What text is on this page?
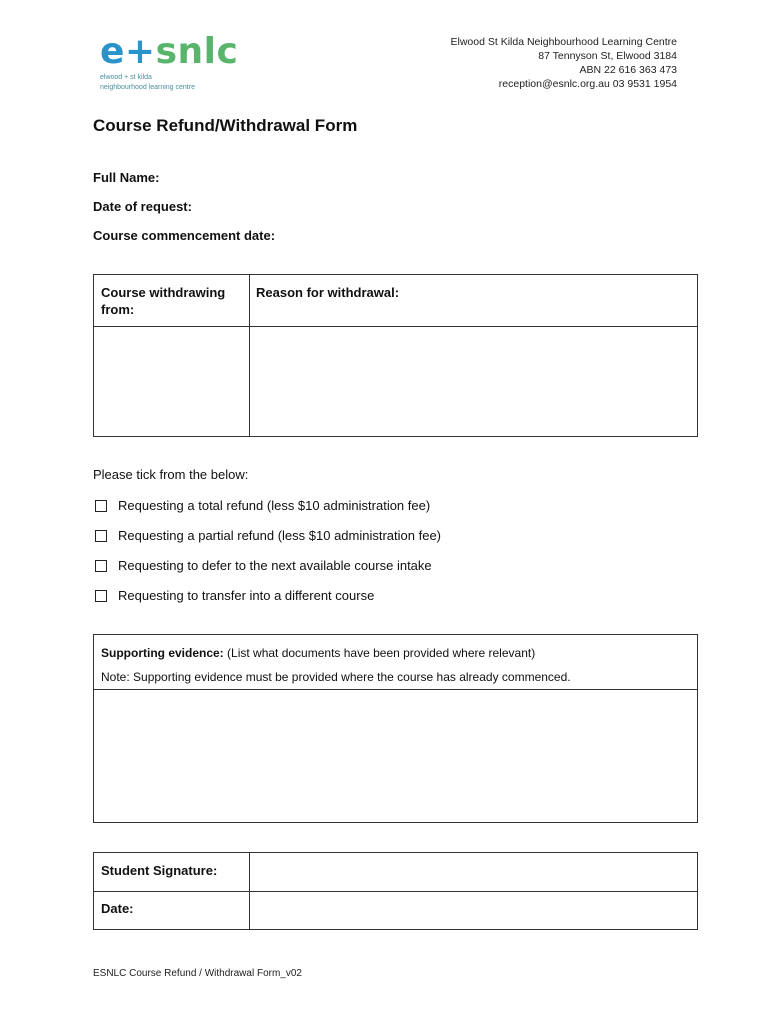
e+snlc
elwood + st kilda
neighbourhood learning centre
Elwood St Kilda Neighbourhood Learning Centre
87 Tennyson St, Elwood 3184
ABN 22 616 363 473
reception@esnlc.org.au 03 9531 1954
Course Refund/Withdrawal Form
Full Name:
Date of request:
Course commencement date:
Course withdrawing from:
Reason for withdrawal:
Please tick from the below:
Requesting a total refund (less $10 administration fee)
Requesting a partial refund (less $10 administration fee)
Requesting to defer to the next available course intake
Requesting to transfer into a different course
Supporting evidence: (List what documents have been provided where relevant)
Note: Supporting evidence must be provided where the course has already commenced.
Student Signature:
Date:
ESNLC Course Refund / Withdrawal Form_v02
